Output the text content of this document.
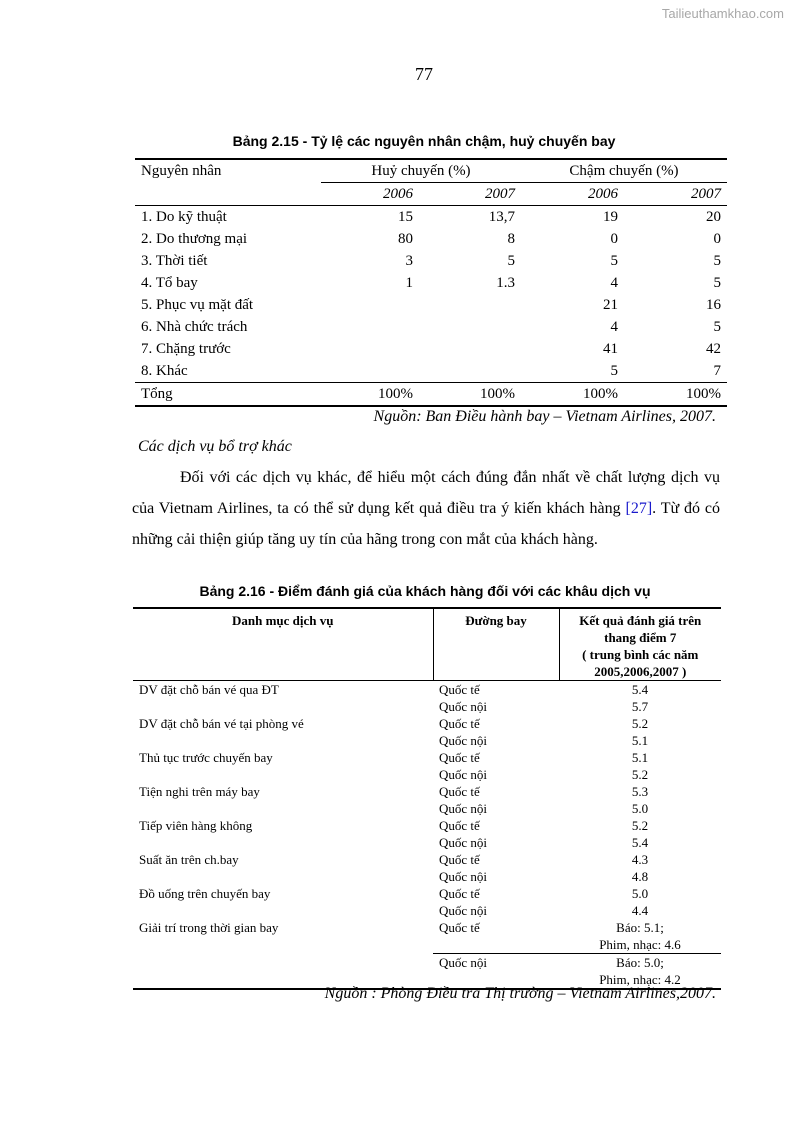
Tailieuthamkhao.com
77
Bảng 2.15 - Tỷ lệ các nguyên nhân chậm, huỷ chuyến bay
Nguyên nhân	Huỷ chuyến (%)		Chậm chuyến (%)	
	2006	2007	2006	2007
1. Do kỹ thuật	15	13,7	19	20
2. Do thương mại	80	8	0	0
3. Thời tiết	3	5	5	5
4. Tổ bay	1	1.3	4	5
5. Phục vụ mặt đất			21	16
6. Nhà chức trách			4	5
7. Chặng trước			41	42
8. Khác			5	7
Tổng	100%	100%	100%	100%
Nguồn: Ban Điều hành bay – Vietnam Airlines, 2007.
Các dịch vụ bổ trợ khác
Đối với các dịch vụ khác, để hiểu một cách đúng đắn nhất về chất lượng dịch vụ của Vietnam Airlines, ta có thể sử dụng kết quả điều tra ý kiến khách hàng [27]. Từ đó có những cải thiện giúp tăng uy tín của hãng trong con mắt của khách hàng.
Bảng 2.16 - Điểm đánh giá của khách hàng đối với các khâu dịch vụ
Danh mục dịch vụ	Đường bay	Kết quả đánh giá trên
thang điểm 7
( trung bình các năm
2005,2006,2007 )
DV đặt chỗ bán vé qua ĐT	Quốc tế	5.4
	Quốc nội	5.7
DV đặt chỗ bán vé tại phòng vé	Quốc tế	5.2
	Quốc nội	5.1
Thủ tục trước chuyến bay	Quốc tế	5.1
	Quốc nội	5.2
Tiện nghi trên máy bay	Quốc tế	5.3
	Quốc nội	5.0
Tiếp viên hàng không	Quốc tế	5.2
	Quốc nội	5.4
Suất ăn trên ch.bay	Quốc tế	4.3
	Quốc nội	4.8
Đồ uống trên chuyến bay	Quốc tế	5.0
	Quốc nội	4.4
Giải trí trong thời gian bay	Quốc tế	Báo: 5.1;
Phim, nhạc: 4.6
	Quốc nội	Báo: 5.0;
Phim, nhạc: 4.2
Nguồn : Phòng Điều tra Thị trường – Vietnam Airlines,2007.
